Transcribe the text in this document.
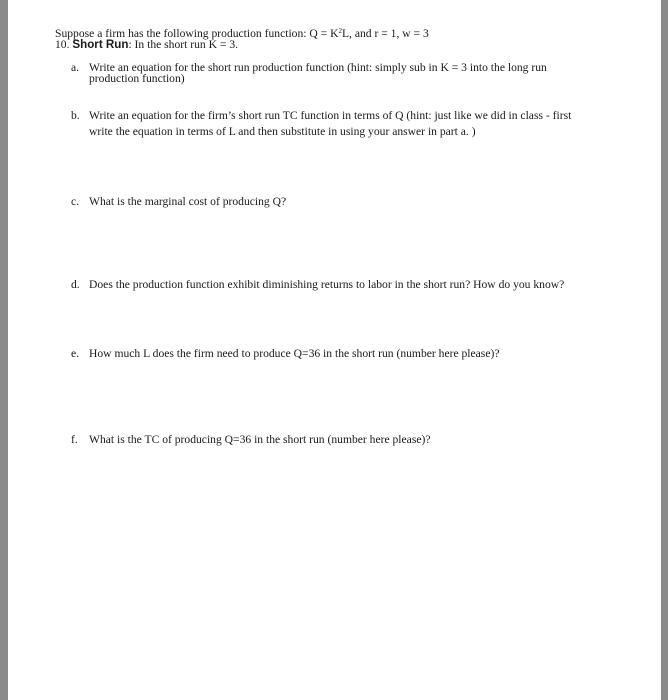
Suppose a firm has the following production function: $Q = K^2L$, and r = 1, w = 3
10. Short Run: In the short run K = 3.
a. Write an equation for the short run production function (hint: simply sub in K = 3 into the long run
production function)
b. Write an equation for the firm’s short run TC function in terms of Q (hint: just like we did in class - first
write the equation in terms of L and then substitute in using your answer in part a. )
c. What is the marginal cost of producing Q?
d. Does the production function exhibit diminishing returns to labor in the short run? How do you know?
e. How much L does the firm need to produce Q=36 in the short run (number here please)?
f. What is the TC of producing Q=36 in the short run (number here please)?
